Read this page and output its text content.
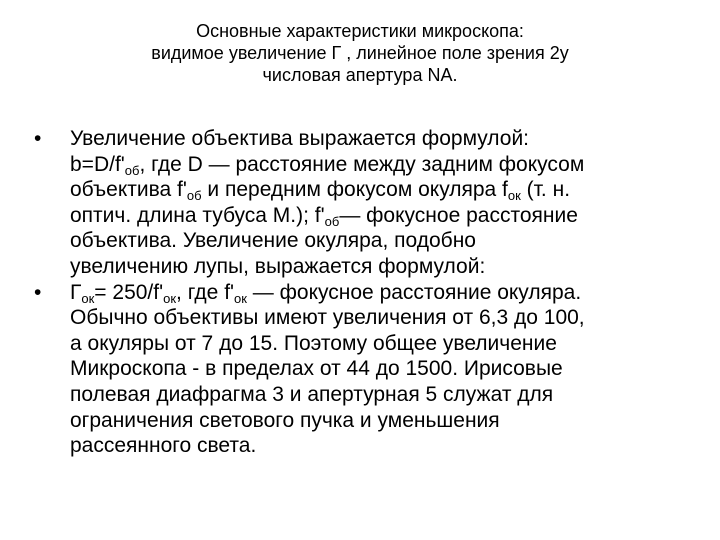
Основные характеристики микроскопа:
видимое увеличение Г , линейное поле зрения 2у
числовая апертура NA.
•	Увеличение объектива выражается формулой:
$b=D/f'_{об}$, где D — расстояние между задним фокусом
объектива $f'_{об}$ и передним фокусом окуляра $f_{ок}$ (т. н.
оптич. длина тубуса М.); $f'_{об}—$ фокусное расстояние
объектива. Увеличение окуляра, подобно
увеличению лупы, выражается формулой:
•	$Г_{ок}= 250/f'_{ок}$, где $f'_{ок}$ — фокусное расстояние окуляра.
Обычно объективы имеют увеличения от 6,3 до 100,
а окуляры от 7 до 15. Поэтому общее увеличение
Микроскопа - в пределах от 44 до 1500. Ирисовые
полевая диафрагма 3 и апертурная 5 служат для
ограничения светового пучка и уменьшения
рассеянного света.
